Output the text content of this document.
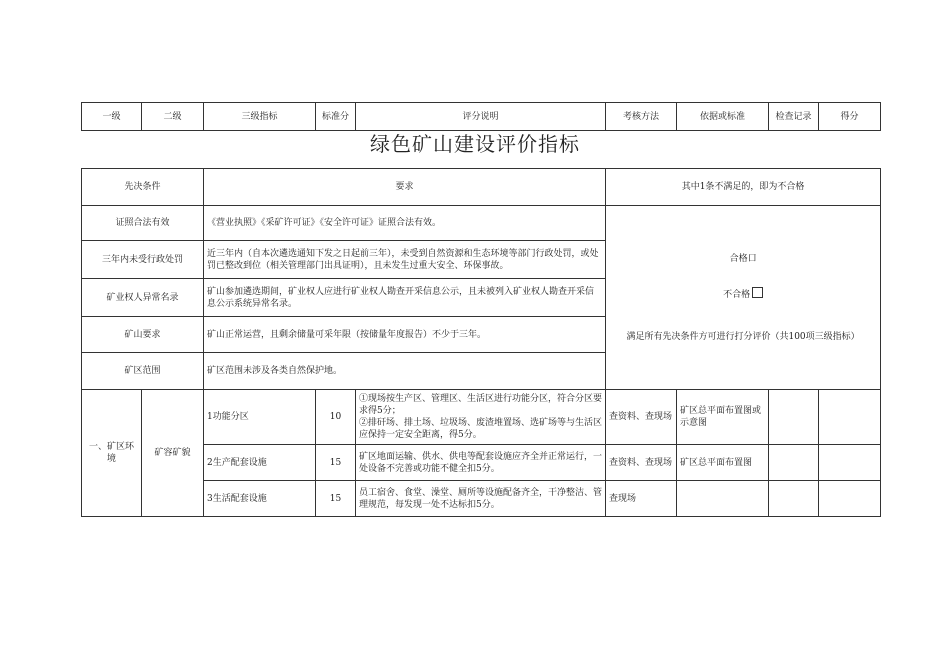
一级	二级	三级指标	标准分	评分说明	考核方法	依据或标准	检查记录	得分
绿色矿山建设评价指标
先决条件		要求			其中1条不满足的，即为不合格			
证照合法有效		《营业执照》《采矿许可证》《安全许可证》证照合法有效。			合格口

不合格

满足所有先决条件方可进行打分评价（共100项三级指标）			

三年内未受行政处罚		近三年内（自本次遴选通知下发之日起前三年），未受到自然资源和生态环境等部门行政处罚，或处罚已整改到位（相关管理部门出具证明），且未发生过重大安全、环保事故。						
矿业权人异常名录		矿山参加遴选期间，矿业权人应进行矿业权人勘查开采信息公示，且未被列入矿业权人勘查开采信息公示系统异常名录。						
矿山要求		矿山正常运营，且剩余储量可采年限（按储量年度报告）不少于三年。						
矿区范围		矿区范围未涉及各类自然保护地。						
一、矿区环境	矿容矿貌	1功能分区	10	①现场按生产区、管理区、生活区进行功能分区，符合分区要求得5分；
②排矸场、排土场、垃圾场、废渣堆置场、选矿场等与生活区应保持一定安全距离，得5分。	查资料、查现场	矿区总平面布置图或示意图		
		2生产配套设施	15	矿区地面运输、供水、供电等配套设施应齐全并正常运行，一处设备不完善或功能不健全扣5分。	查资料、查现场	矿区总平面布置图		
		3生活配套设施	15	员工宿舍、食堂、澡堂、厕所等设施配备齐全，干净整洁、管理规范，每发现一处不达标扣5分。	查现场			
